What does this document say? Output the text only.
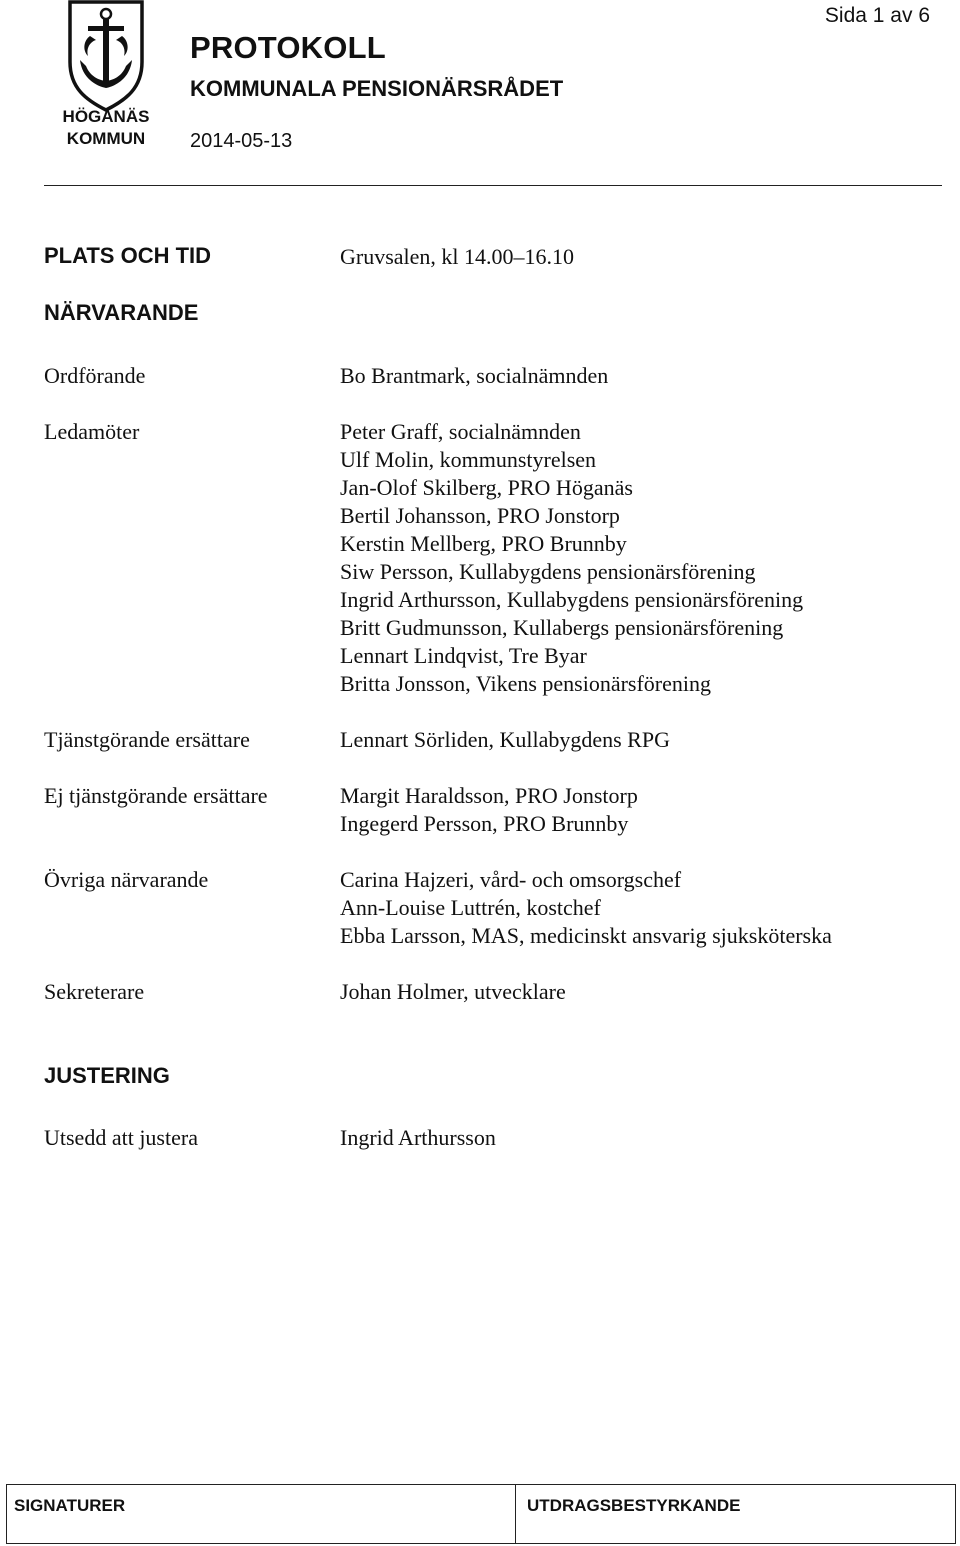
HÖGANÄS
KOMMUN
Sida 1 av 6
PROTOKOLL
KOMMUNALA PENSIONÄRSRÅDET
2014-05-13
PLATS OCH TID	Gruvsalen, kl 14.00–16.10
NÄRVARANDE
Ordförande	Bo Brantmark, socialnämnden
Ledamöter	Peter Graff, socialnämnden
Ulf Molin, kommunstyrelsen
Jan-Olof Skilberg, PRO Höganäs
Bertil Johansson, PRO Jonstorp
Kerstin Mellberg, PRO Brunnby
Siw Persson, Kullabygdens pensionärsförening
Ingrid Arthursson, Kullabygdens pensionärsförening
Britt Gudmunsson, Kullabergs pensionärsförening
Lennart Lindqvist, Tre Byar
Britta Jonsson, Vikens pensionärsförening
Tjänstgörande ersättare	Lennart Sörliden, Kullabygdens RPG
Ej tjänstgörande ersättare	Margit Haraldsson, PRO Jonstorp
Ingegerd Persson, PRO Brunnby
Övriga närvarande	Carina Hajzeri, vård- och omsorgschef
Ann-Louise Luttrén, kostchef
Ebba Larsson, MAS, medicinskt ansvarig sjuksköterska
Sekreterare	Johan Holmer, utvecklare
JUSTERING
Utsedd att justera	Ingrid Arthursson
SIGNATURER	UTDRAGSBESTYRKANDE
